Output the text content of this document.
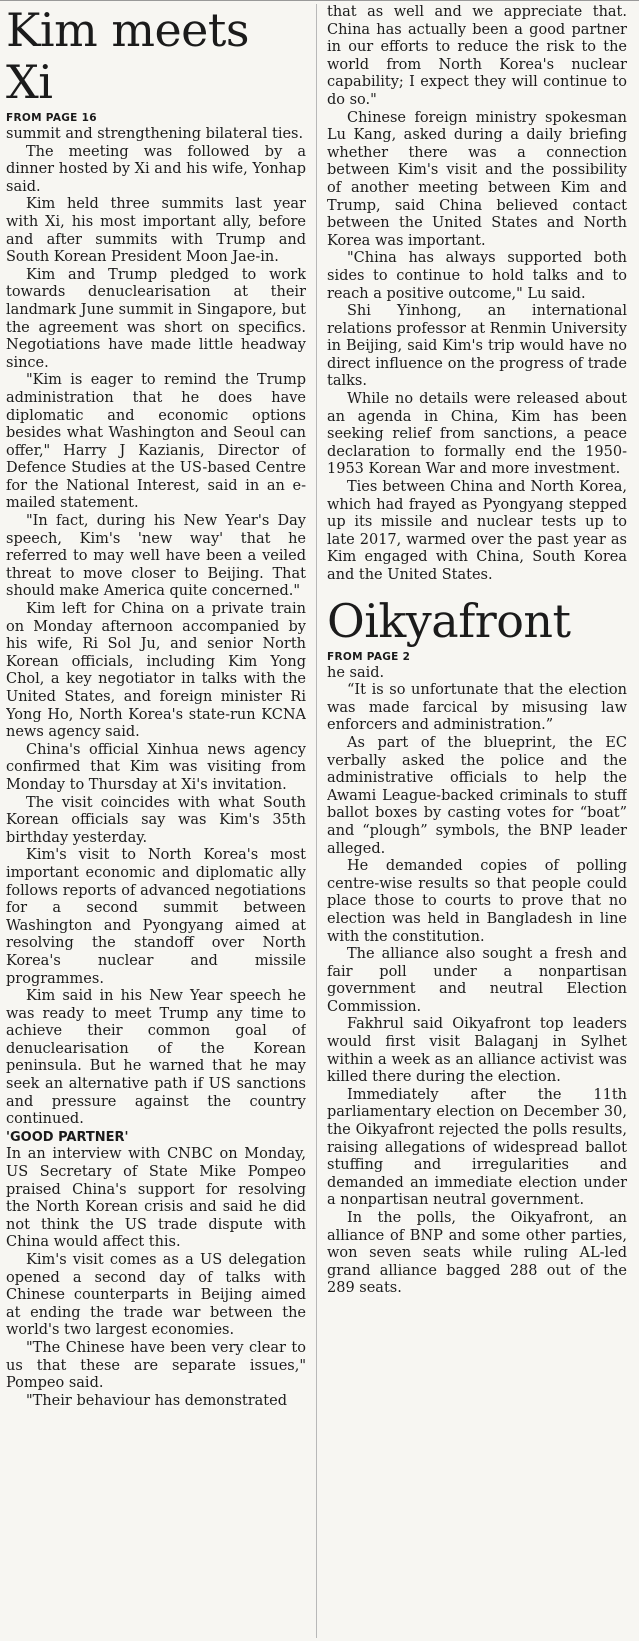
Kim meets Xi
FROM PAGE 16

summit and strengthening bilateral ties.

The meeting was followed by a dinner hosted by Xi and his wife, Yonhap said.

Kim held three summits last year with Xi, his most important ally, before and after summits with Trump and South Korean President Moon Jae-in.

Kim and Trump pledged to work towards denuclearisation at their landmark June summit in Singapore, but the agreement was short on specifics. Negotiations have made little headway since.

"Kim is eager to remind the Trump administration that he does have diplomatic and economic options besides what Washington and Seoul can offer," Harry J Kazianis, Director of Defence Studies at the US-based Centre for the National Interest, said in an e-mailed statement.

"In fact, during his New Year's Day speech, Kim's 'new way' that he referred to may well have been a veiled threat to move closer to Beijing. That should make America quite concerned."

Kim left for China on a private train on Monday afternoon accompanied by his wife, Ri Sol Ju, and senior North Korean officials, including Kim Yong Chol, a key negotiator in talks with the United States, and foreign minister Ri Yong Ho, North Korea's state-run KCNA news agency said.

China's official Xinhua news agency confirmed that Kim was visiting from Monday to Thursday at Xi's invitation.

The visit coincides with what South Korean officials say was Kim's 35th birthday yesterday.

Kim's visit to North Korea's most important economic and diplomatic ally follows reports of advanced negotiations for a second summit between Washington and Pyongyang aimed at resolving the standoff over North Korea's nuclear and missile programmes.

Kim said in his New Year speech he was ready to meet Trump any time to achieve their common goal of denuclearisation of the Korean peninsula. But he warned that he may seek an alternative path if US sanctions and pressure against the country continued.

'GOOD PARTNER'

In an interview with CNBC on Monday, US Secretary of State Mike Pompeo praised China's support for resolving the North Korean crisis and said he did not think the US trade dispute with China would affect this.

Kim's visit comes as a US delegation opened a second day of talks with Chinese counterparts in Beijing aimed at ending the trade war between the world's two largest economies.

"The Chinese have been very clear to us that these are separate issues," Pompeo said.

"Their behaviour has demonstrated

that as well and we appreciate that. China has actually been a good partner in our efforts to reduce the risk to the world from North Korea's nuclear capability; I expect they will continue to do so."

Chinese foreign ministry spokesman Lu Kang, asked during a daily briefing whether there was a connection between Kim's visit and the possibility of another meeting between Kim and Trump, said China believed contact between the United States and North Korea was important.

"China has always supported both sides to continue to hold talks and to reach a positive outcome," Lu said.

Shi Yinhong, an international relations professor at Renmin University in Beijing, said Kim's trip would have no direct influence on the progress of trade talks.

While no details were released about an agenda in China, Kim has been seeking relief from sanctions, a peace declaration to formally end the 1950-1953 Korean War and more investment.

Ties between China and North Korea, which had frayed as Pyongyang stepped up its missile and nuclear tests up to late 2017, warmed over the past year as Kim engaged with China, South Korea and the United States.

Oikyafront
FROM PAGE 2

he said.

“It is so unfortunate that the election was made farcical by misusing law enforcers and administration.”

As part of the blueprint, the EC verbally asked the police and the administrative officials to help the Awami League-backed criminals to stuff ballot boxes by casting votes for “boat” and “plough” symbols, the BNP leader alleged.

He demanded copies of polling centre-wise results so that people could place those to courts to prove that no election was held in Bangladesh in line with the constitution.

The alliance also sought a fresh and fair poll under a nonpartisan government and neutral Election Commission.

Fakhrul said Oikyafront top leaders would first visit Balaganj in Sylhet within a week as an alliance activist was killed there during the election.

Immediately after the 11th parliamentary election on December 30, the Oikyafront rejected the polls results, raising allegations of widespread ballot stuffing and irregularities and demanded an immediate election under a nonpartisan neutral government.

In the polls, the Oikyafront, an alliance of BNP and some other parties, won seven seats while ruling AL-led grand alliance bagged 288 out of the 289 seats.
